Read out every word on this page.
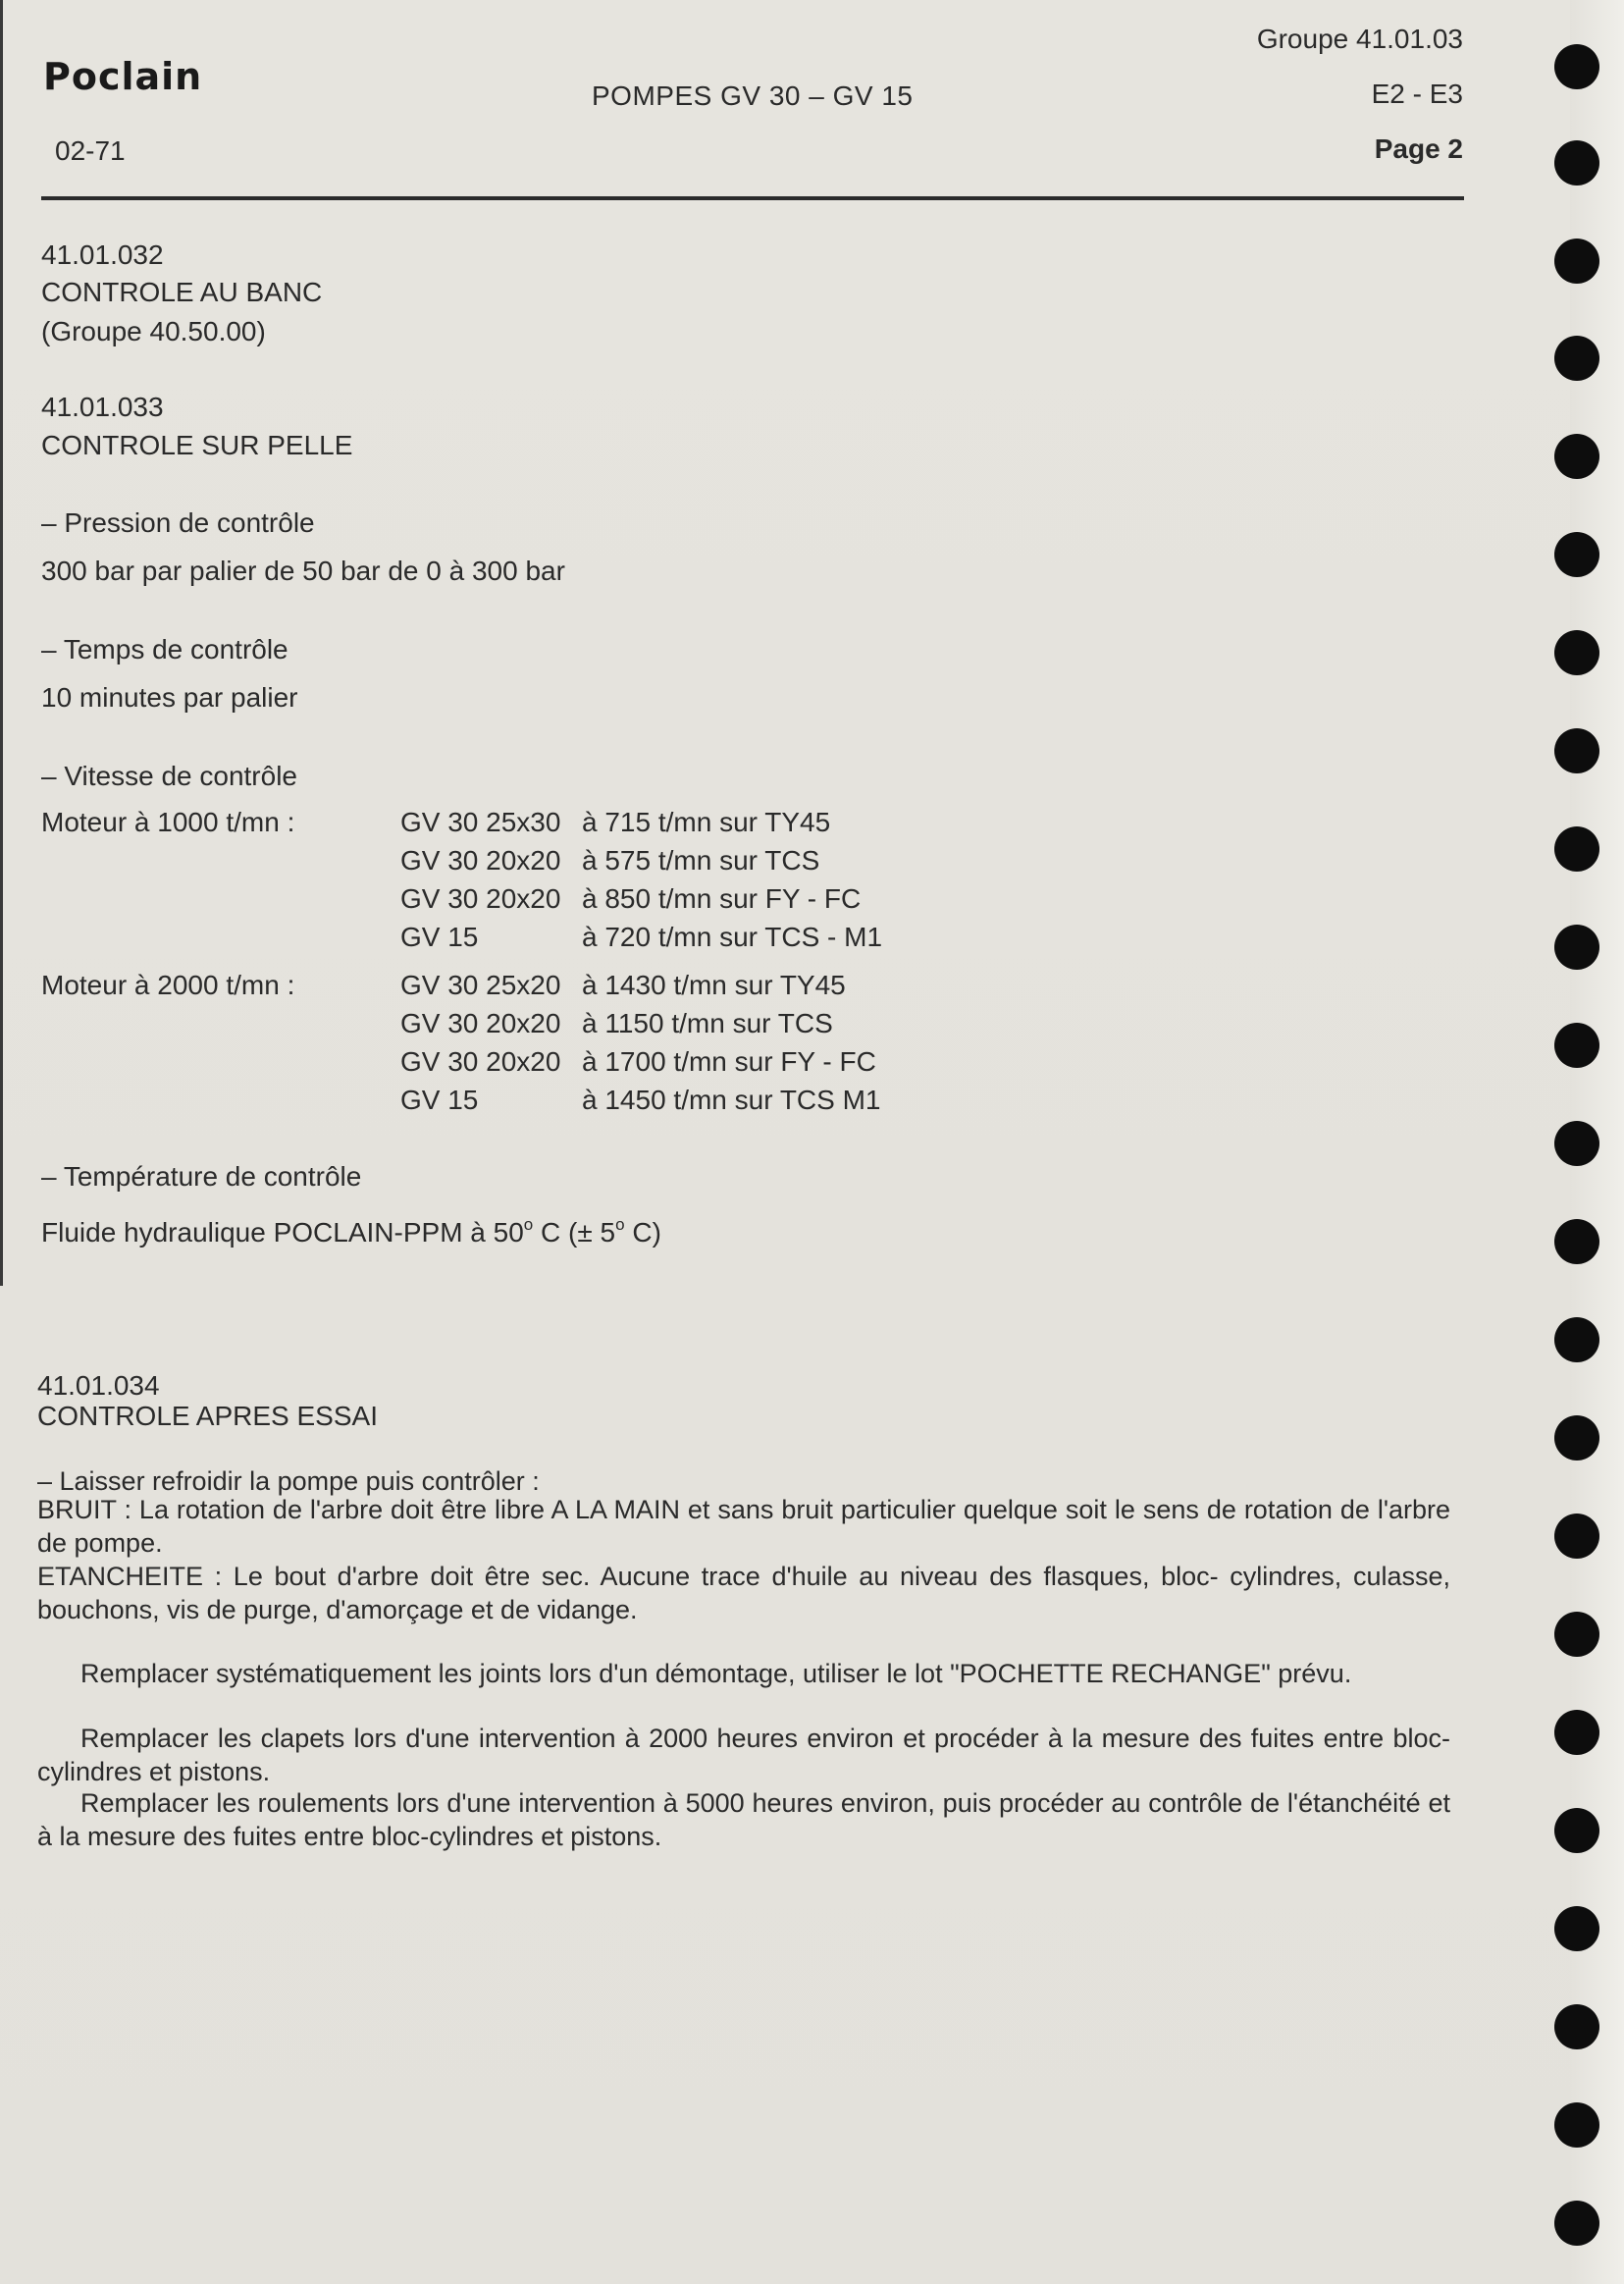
Poclain
02-71
POMPES GV 30 – GV 15
Groupe 41.01.03
E2 - E3
Page 2
41.01.032
CONTROLE AU BANC
(Groupe 40.50.00)
41.01.033
CONTROLE SUR PELLE
– Pression de contrôle
300 bar par palier de 50 bar de 0 à 300 bar
– Temps de contrôle
10 minutes par palier
– Vitesse de contrôle
Moteur à 1000 t/mn :	GV 30 25x30 à 715 t/mn sur TY45
GV 30 20x20 à 575 t/mn sur TCS
GV 30 20x20 à 850 t/mn sur FY - FC
GV 15	à 720 t/mn sur TCS - M1
Moteur à 2000 t/mn :	GV 30 25x20 à 1430 t/mn sur TY45
GV 30 20x20 à 1150 t/mn sur TCS
GV 30 20x20 à 1700 t/mn sur FY - FC
GV 15	à 1450 t/mn sur TCS M1
– Température de contrôle
Fluide hydraulique POCLAIN-PPM à 50$^o$ C (± $5^o$ C)
41.01.034
CONTROLE APRES ESSAI
– Laisser refroidir la pompe puis contrôler :
BRUIT : La rotation de l'arbre doit être libre A LA MAIN et sans bruit particulier quelque soit le sens de rotation de l'arbre de pompe.
ETANCHEITE : Le bout d'arbre doit être sec. Aucune trace d'huile au niveau des flasques, bloc- cylindres, culasse, bouchons, vis de purge, d'amorçage et de vidange.
Remplacer systématiquement les joints lors d'un démontage, utiliser le lot "POCHETTE RECHANGE" prévu.
Remplacer les clapets lors d'une intervention à 2000 heures environ et procéder à la mesure des fuites entre bloc-cylindres et pistons.
Remplacer les roulements lors d'une intervention à 5000 heures environ, puis procéder au contrôle de l'étanchéité et à la mesure des fuites entre bloc-cylindres et pistons.
